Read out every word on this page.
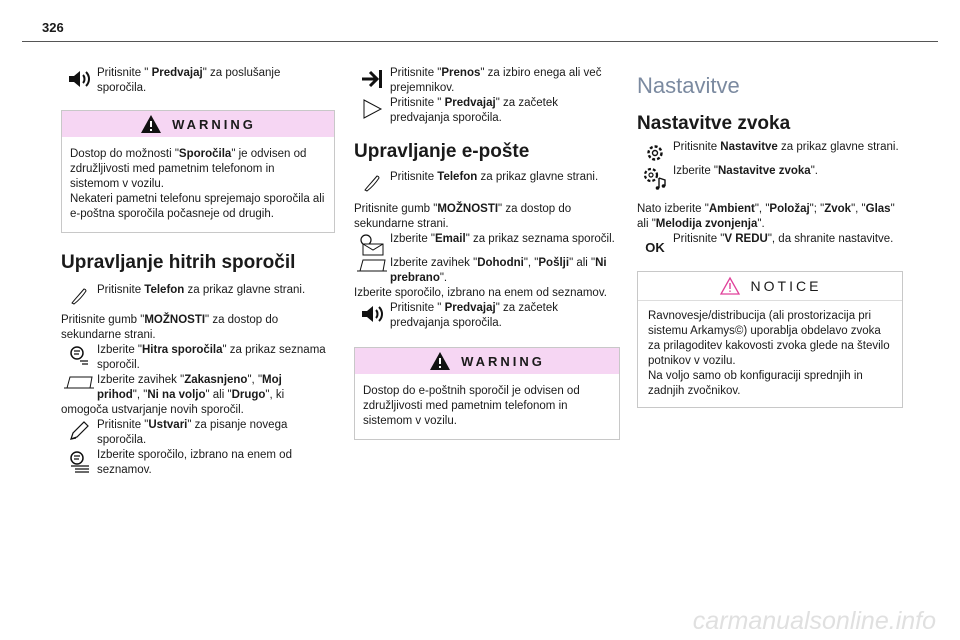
326
Pritisnite " Predvajaj" za poslušanje sporočila.
WARNING

Dostop do možnosti "Sporočila" je odvisen od združljivosti med pametnim telefonom in sistemom v vozilu.

Nekateri pametni telefonu sprejemajo sporočila ali e-poštna sporočila počasneje od drugih.

Upravljanje hitrih sporočil
Pritisnite Telefon za prikaz glavne strani.

Pritisnite gumb "MOŽNOSTI" za dostop do sekundarne strani.

Izberite "Hitra sporočila" za prikaz seznama sporočil.
Izberite zavihek "Zakasnjeno", "Moj prihod", "Ni na voljo" ali "Drugo", ki

omogoča ustvarjanje novih sporočil.

Pritisnite "Ustvari" za pisanje novega sporočila.
Izberite sporočilo, izbrano na enem od seznamov.
Pritisnite "Prenos" za izbiro enega ali več prejemnikov.
Pritisnite " Predvajaj" za začetek predvajanja sporočila.
Upravljanje e-pošte
Pritisnite Telefon za prikaz glavne strani.

Pritisnite gumb "MOŽNOSTI" za dostop do sekundarne strani.

Izberite "Email" za prikaz seznama sporočil.
Izberite zavihek "Dohodni", "Pošlji" ali "Ni prebrano".

Izberite sporočilo, izbrano na enem od seznamov.

Pritisnite " Predvajaj" za začetek predvajanja sporočila.
WARNING

Dostop do e-poštnih sporočil je odvisen od združljivosti med pametnim telefonom in sistemom v vozilu.

Nastavitve
Nastavitve zvoka
Pritisnite Nastavitve za prikaz glavne strani.
Izberite "Nastavitve zvoka".

Nato izberite "Ambient", "Položaj"; "Zvok", "Glas" ali "Melodija zvonjenja".

OK
Pritisnite "V REDU", da shranite nastavitve.
NOTICE

Ravnovesje/distribucija (ali prostorizacija pri sistemu Arkamys©) uporablja obdelavo zvoka za prilagoditev kakovosti zvoka glede na število potnikov v vozilu.

Na voljo samo ob konfiguraciji sprednjih in zadnjih zvočnikov.

carmanualsonline.info
